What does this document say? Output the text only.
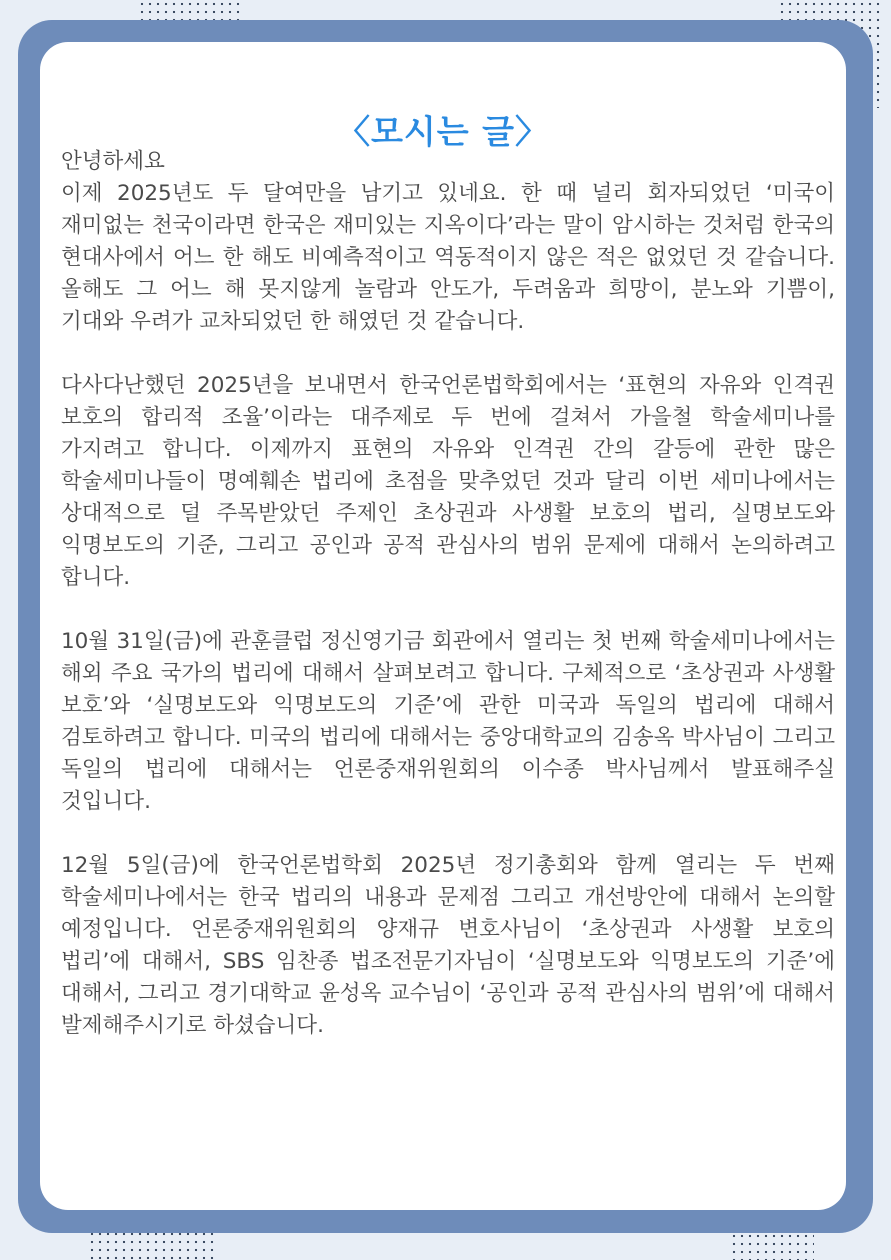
〈모시는 글〉

안녕하세요

이제 2025년도 두 달여만을 남기고 있네요. 한 때 널리 회자되었던 ‘미국이 재미없는 천국이라면 한국은 재미있는 지옥이다’라는 말이 암시하는 것처럼 한국의 현대사에서 어느 한 해도 비예측적이고 역동적이지 않은 적은 없었던 것 같습니다. 올해도 그 어느 해 못지않게 놀람과 안도가, 두려움과 희망이, 분노와 기쁨이, 기대와 우려가 교차되었던 한 해였던 것 같습니다.

다사다난했던 2025년을 보내면서 한국언론법학회에서는 ‘표현의 자유와 인격권 보호의 합리적 조율’이라는 대주제로 두 번에 걸쳐서 가을철 학술세미나를 가지려고 합니다. 이제까지 표현의 자유와 인격권 간의 갈등에 관한 많은 학술세미나들이 명예훼손 법리에 초점을 맞추었던 것과 달리 이번 세미나에서는 상대적으로 덜 주목받았던 주제인 초상권과 사생활 보호의 법리, 실명보도와 익명보도의 기준, 그리고 공인과 공적 관심사의 범위 문제에 대해서 논의하려고 합니다.

10월 31일(금)에 관훈클럽 정신영기금 회관에서 열리는 첫 번째 학술세미나에서는 해외 주요 국가의 법리에 대해서 살펴보려고 합니다. 구체적으로 ‘초상권과 사생활 보호’와 ‘실명보도와 익명보도의 기준’에 관한 미국과 독일의 법리에 대해서 검토하려고 합니다. 미국의 법리에 대해서는 중앙대학교의 김송옥 박사님이 그리고 독일의 법리에 대해서는 언론중재위원회의 이수종 박사님께서 발표해주실 것입니다.

12월 5일(금)에 한국언론법학회 2025년 정기총회와 함께 열리는 두 번째 학술세미나에서는 한국 법리의 내용과 문제점 그리고 개선방안에 대해서 논의할 예정입니다. 언론중재위원회의 양재규 변호사님이 ‘초상권과 사생활 보호의 법리’에 대해서, SBS 임찬종 법조전문기자님이 ‘실명보도와 익명보도의 기준’에 대해서, 그리고 경기대학교 윤성옥 교수님이 ‘공인과 공적 관심사의 범위’에 대해서 발제해주시기로 하셨습니다.
